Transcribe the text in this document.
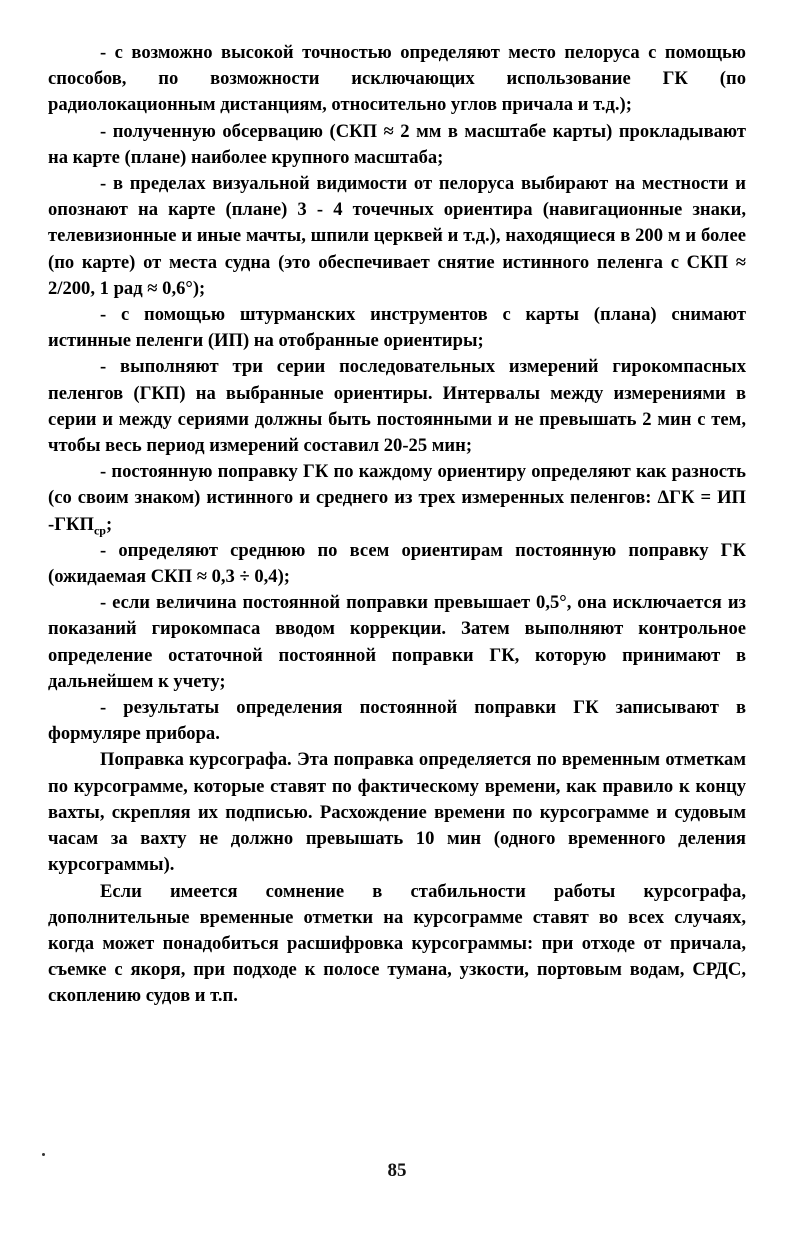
- с возможно высокой точностью определяют место пелоруса с помощью способов, по возможности исключающих использование ГК (по радиолокационным дистанциям, относительно углов причала и т.д.);

- полученную обсервацию (СКП ≈ 2 мм в масштабе карты) прокладывают на карте (плане) наиболее крупного масштаба;

- в пределах визуальной видимости от пелоруса выбирают на местности и опознают на карте (плане) 3 - 4 точечных ориентира (навигационные знаки, телевизионные и иные мачты, шпили церквей и т.д.), находящиеся в 200 м и более (по карте) от места судна (это обеспечивает снятие истинного пеленга с СКП ≈ 2/200, 1 рад ≈ 0,6°);

- с помощью штурманских инструментов с карты (плана) снимают истинные пеленги (ИП) на отобранные ориентиры;

- выполняют три серии последовательных измерений гирокомпасных пеленгов (ГКП) на выбранные ориентиры. Интервалы между измерениями в серии и между сериями должны быть постоянными и не превышать 2 мин с тем, чтобы весь период измерений составил 20-25 мин;

- постоянную поправку ГК по каждому ориентиру определяют как разность (со своим знаком) истинного и среднего из трех измеренных пеленгов: ΔГК = ИП $-ГКП_{ср}$;

- определяют среднюю по всем ориентирам постоянную поправку ГК (ожидаемая СКП ≈ 0,3 ÷ 0,4);

- если величина постоянной поправки превышает 0,5°, она исключается из показаний гирокомпаса вводом коррекции. Затем выполняют контрольное определение остаточной постоянной поправки ГК, которую принимают в дальнейшем к учету;

- результаты определения постоянной поправки ГК записывают в формуляре прибора.

Поправка курсографа. Эта поправка определяется по временным отметкам по курсограмме, которые ставят по фактическому времени, как правило к концу вахты, скрепляя их подписью. Расхождение времени по курсограмме и судовым часам за вахту не должно превышать 10 мин (одного временного деления курсограммы).

Если имеется сомнение в стабильности работы курсографа, дополнительные временные отметки на курсограмме ставят во всех случаях, когда может понадобиться расшифровка курсограммы: при отходе от причала, съемке с якоря, при подходе к полосе тумана, узкости, портовым водам, СРДС, скоплению судов и т.п.

85
